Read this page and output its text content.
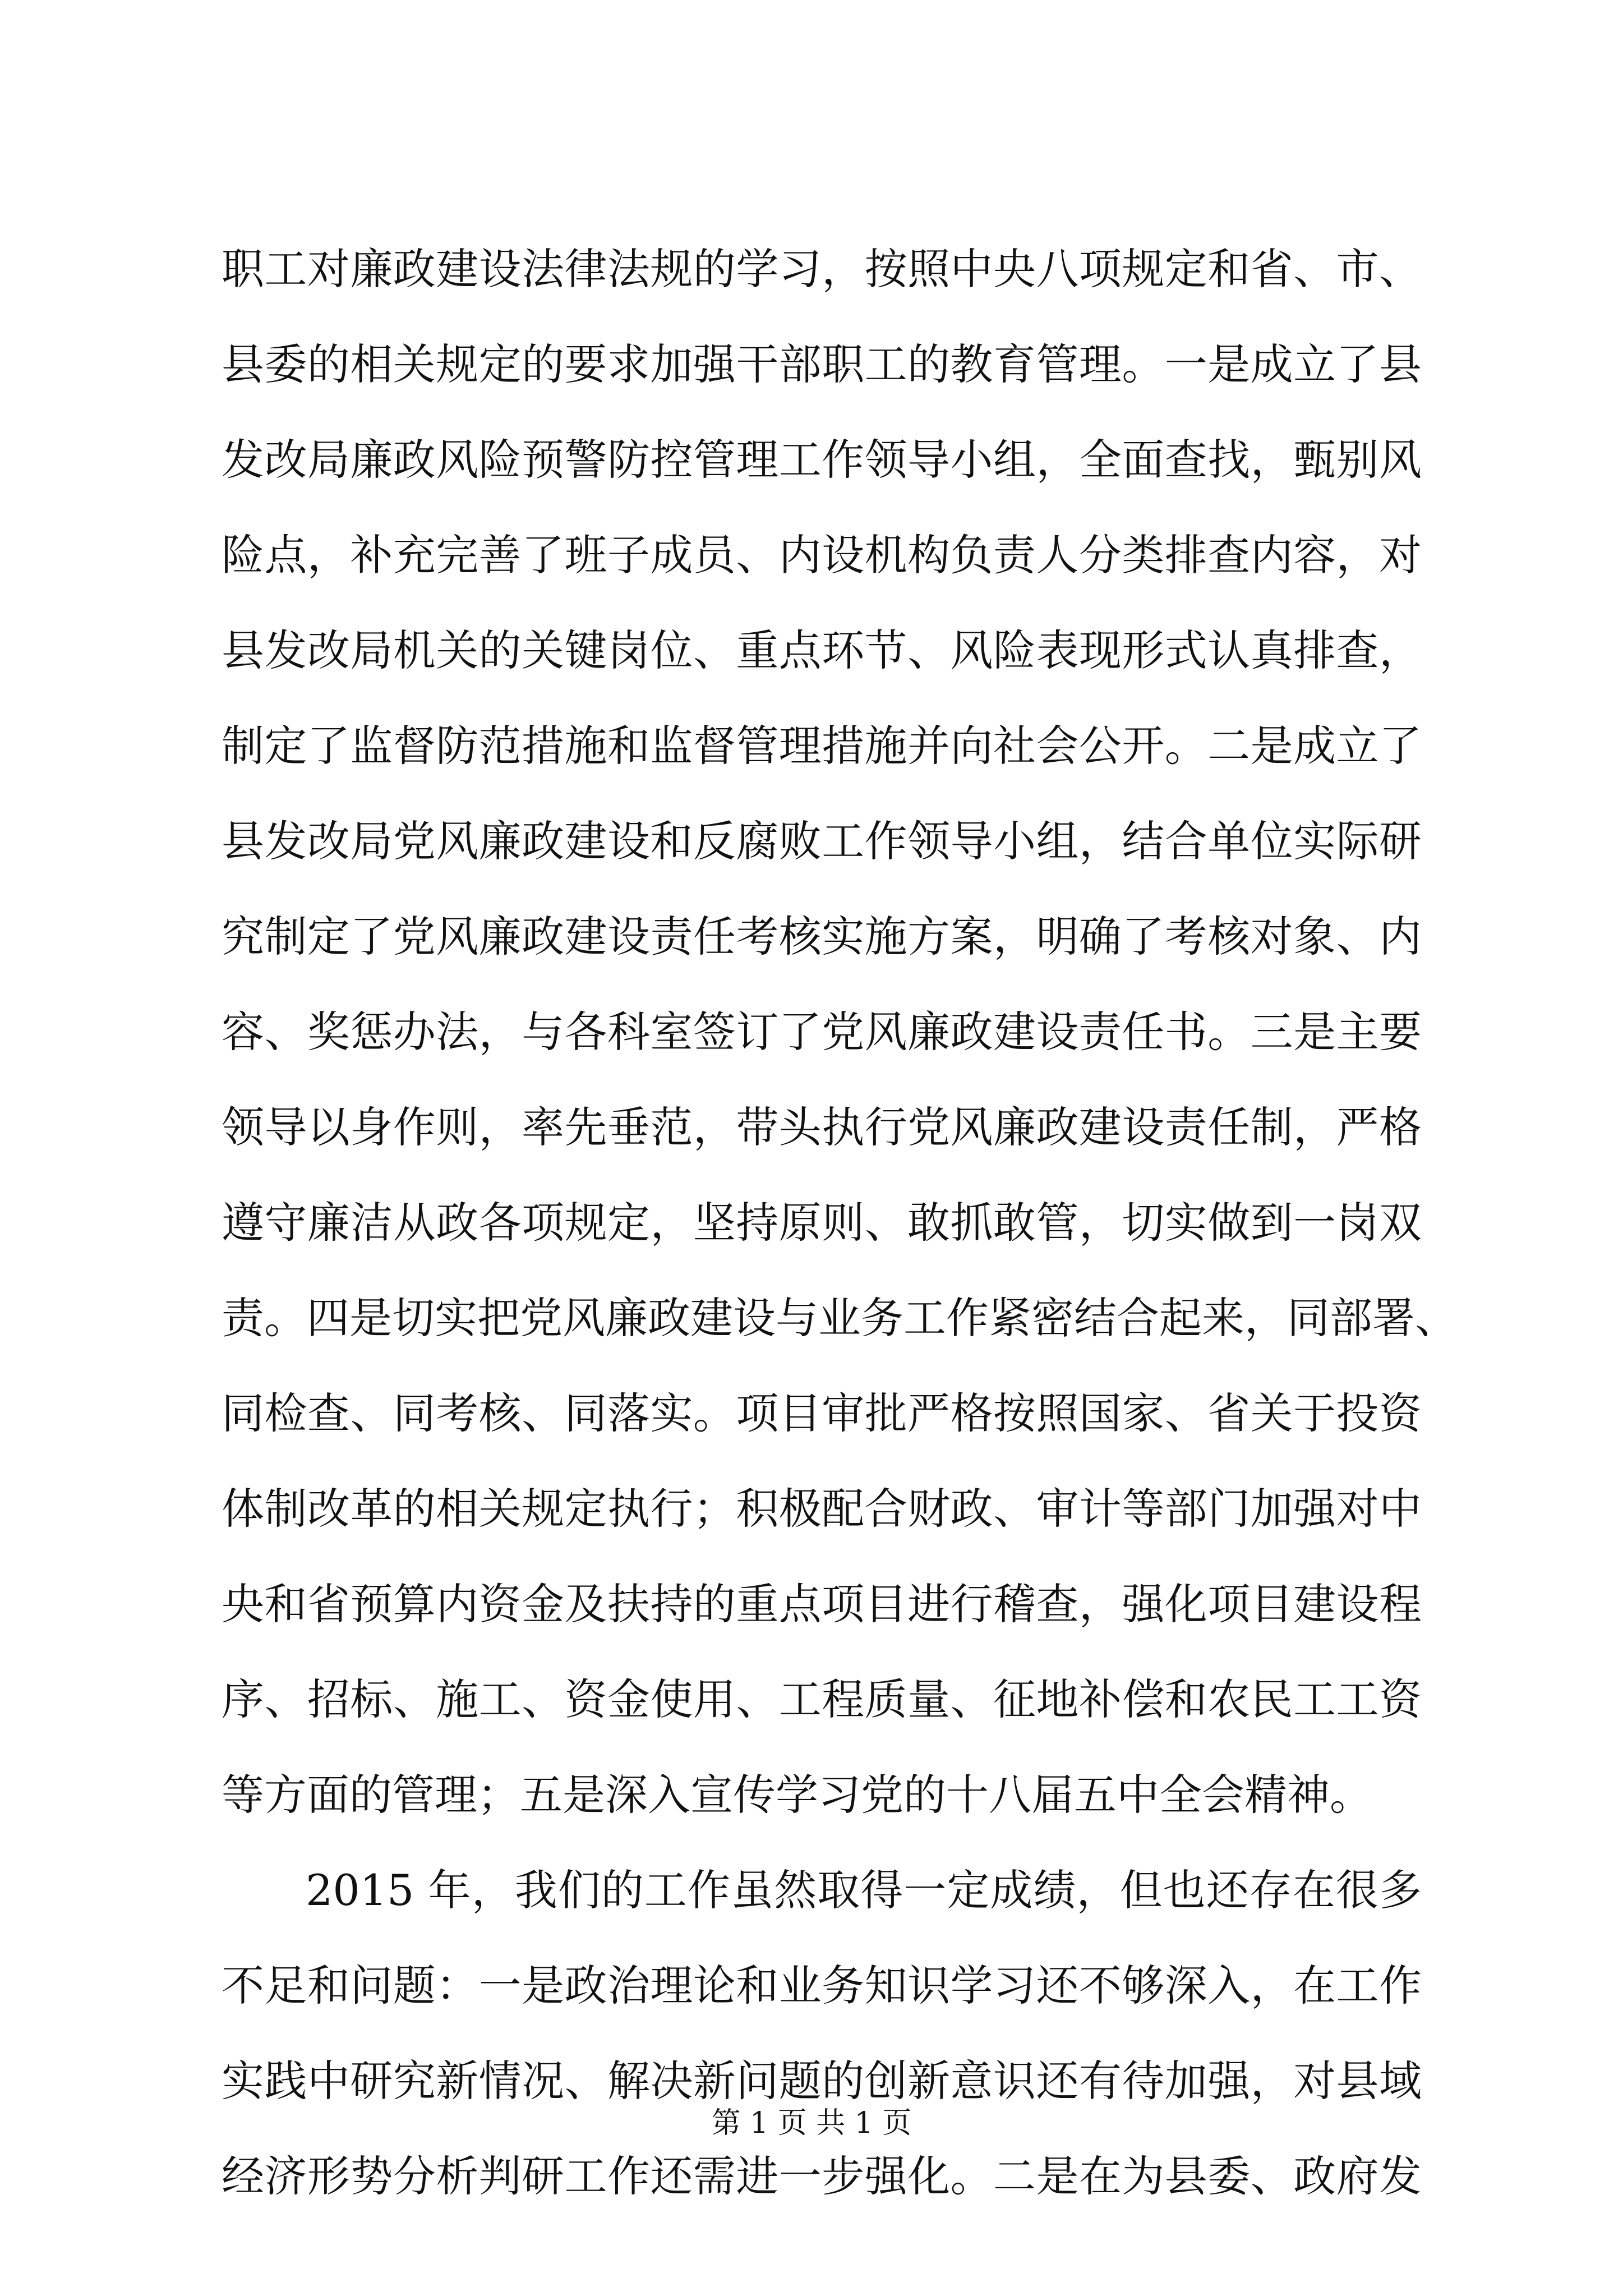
职工对廉政建设法律法规的学习，按照中央八项规定和省、市、
县委的相关规定的要求加强干部职工的教育管理。一是成立了县
发改局廉政风险预警防控管理工作领导小组，全面查找，甄别风
险点，补充完善了班子成员、内设机构负责人分类排查内容，对
县发改局机关的关键岗位、重点环节、风险表现形式认真排查，
制定了监督防范措施和监督管理措施并向社会公开。二是成立了
县发改局党风廉政建设和反腐败工作领导小组，结合单位实际研
究制定了党风廉政建设责任考核实施方案，明确了考核对象、内
容、奖惩办法，与各科室签订了党风廉政建设责任书。三是主要
领导以身作则，率先垂范，带头执行党风廉政建设责任制，严格
遵守廉洁从政各项规定，坚持原则、敢抓敢管，切实做到一岗双
责。四是切实把党风廉政建设与业务工作紧密结合起来，同部署、
同检查、同考核、同落实。项目审批严格按照国家、省关于投资
体制改革的相关规定执行；积极配合财政、审计等部门加强对中
央和省预算内资金及扶持的重点项目进行稽查，强化项目建设程
序、招标、施工、资金使用、工程质量、征地补偿和农民工工资
等方面的管理；五是深入宣传学习党的十八届五中全会精神。
2015 年，我们的工作虽然取得一定成绩，但也还存在很多
不足和问题：一是政治理论和业务知识学习还不够深入，在工作
实践中研究新情况、解决新问题的创新意识还有待加强，对县域
经济形势分析判研工作还需进一步强化。二是在为县委、政府发
第 1 页 共 1 页
